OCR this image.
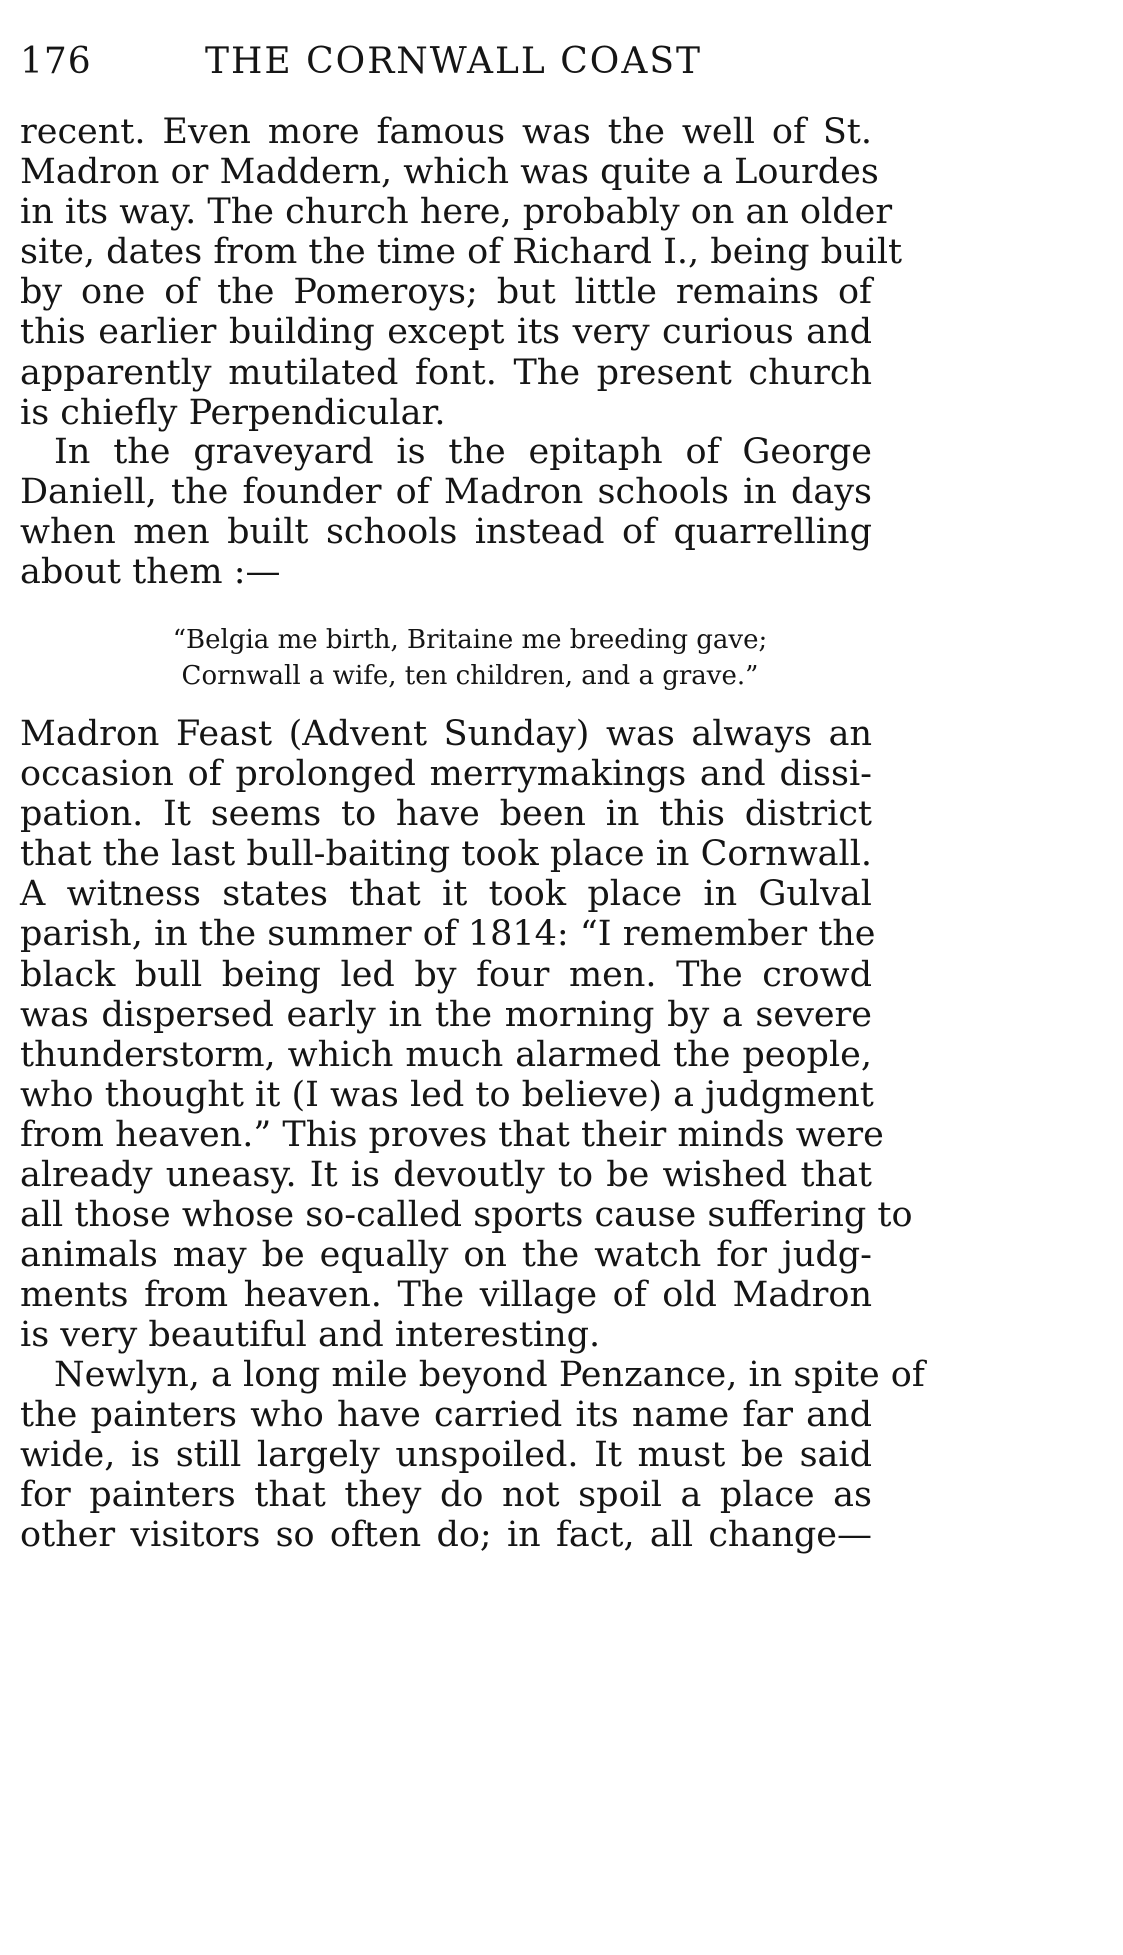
176	THE CORNWALL COAST
recent. Even more famous was the well of St.
Madron or Maddern, which was quite a Lourdes
in its way. The church here, probably on an older
site, dates from the time of Richard I., being built
by one of the Pomeroys; but little remains of
this earlier building except its very curious and
apparently mutilated font. The present church
is chiefly Perpendicular.
In the graveyard is the epitaph of George
Daniell, the founder of Madron schools in days
when men built schools instead of quarrelling
about them :—
“Belgia me birth, Britaine me breeding gave;
Cornwall a wife, ten children, and a grave.”
Madron Feast (Advent Sunday) was always an
occasion of prolonged merrymakings and dissi-
pation. It seems to have been in this district
that the last bull-baiting took place in Cornwall.
A witness states that it took place in Gulval
parish, in the summer of 1814: “I remember the
black bull being led by four men. The crowd
was dispersed early in the morning by a severe
thunderstorm, which much alarmed the people,
who thought it (I was led to believe) a judgment
from heaven.” This proves that their minds were
already uneasy. It is devoutly to be wished that
all those whose so-called sports cause suffering to
animals may be equally on the watch for judg-
ments from heaven. The village of old Madron
is very beautiful and interesting.
Newlyn, a long mile beyond Penzance, in spite of
the painters who have carried its name far and
wide, is still largely unspoiled. It must be said
for painters that they do not spoil a place as
other visitors so often do; in fact, all change—
